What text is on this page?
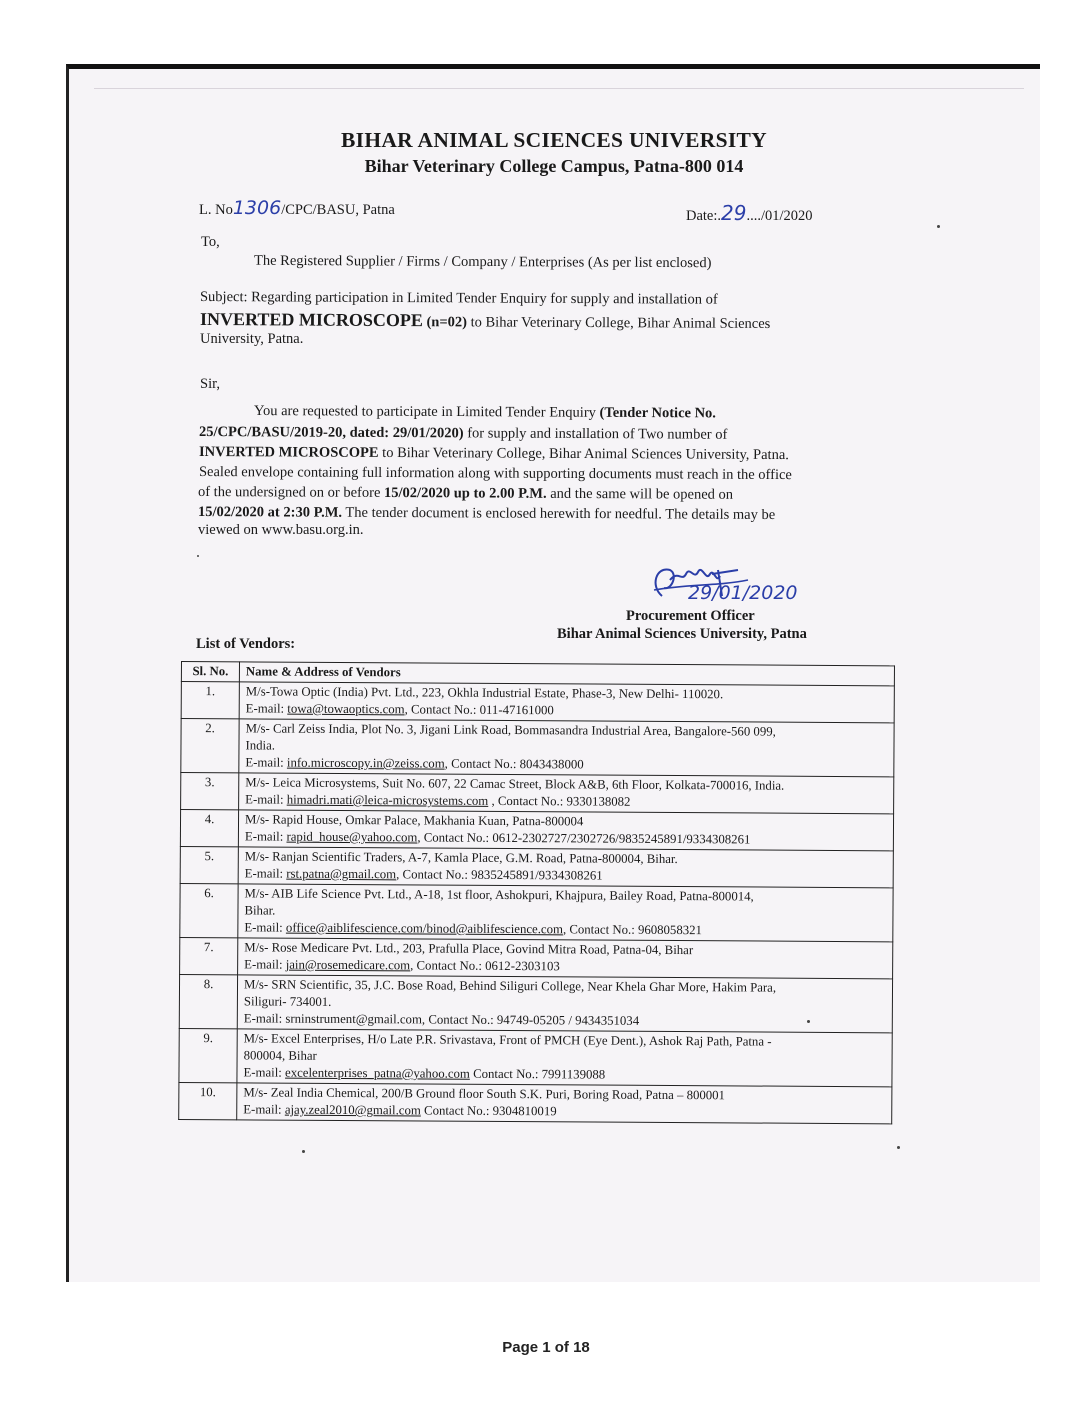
BIHAR ANIMAL SCIENCES UNIVERSITY
Bihar Veterinary College Campus, Patna-800 014
L. No1306/CPC/BASU, Patna	Date:.29..../01/2020
To,
The Registered Supplier / Firms / Company / Enterprises (As per list enclosed)
Subject: Regarding participation in Limited Tender Enquiry for supply and installation of
INVERTED MICROSCOPE (n=02) to Bihar Veterinary College, Bihar Animal Sciences
University, Patna.
Sir,
You are requested to participate in Limited Tender Enquiry (Tender Notice No.
25/CPC/BASU/2019-20, dated: 29/01/2020) for supply and installation of Two number of
INVERTED MICROSCOPE to Bihar Veterinary College, Bihar Animal Sciences University, Patna.
Sealed envelope containing full information along with supporting documents must reach in the office
of the undersigned on or before 15/02/2020 up to 2.00 P.M. and the same will be opened on
15/02/2020 at 2:30 P.M. The tender document is enclosed herewith for needful. The details may be
viewed on www.basu.org.in.
29/01/2020
Procurement Officer
Bihar Animal Sciences University, Patna
List of Vendors:
Sl. No.	Name & Address of Vendors
1.	M/s-Towa Optic (India) Pvt. Ltd., 223, Okhla Industrial Estate, Phase-3, New Delhi- 110020.
E-mail: towa@towaoptics.com, Contact No.: 011-47161000

2.	M/s- Carl Zeiss India, Plot No. 3, Jigani Link Road, Bommasandra Industrial Area, Bangalore-560 099,
India.
E-mail: info.microscopy.in@zeiss.com, Contact No.: 8043438000

3.	M/s- Leica Microsystems, Suit No. 607, 22 Camac Street, Block A&B, 6th Floor, Kolkata-700016, India.
E-mail: himadri.mati@leica-microsystems.com , Contact No.: 9330138082

4.	M/s- Rapid House, Omkar Palace, Makhania Kuan, Patna-800004
E-mail: rapid_house@yahoo.com, Contact No.: 0612-2302727/2302726/9835245891/9334308261

5.	M/s- Ranjan Scientific Traders, A-7, Kamla Place, G.M. Road, Patna-800004, Bihar.
E-mail: rst.patna@gmail.com, Contact No.: 9835245891/9334308261

6.	M/s- AIB Life Science Pvt. Ltd., A-18, 1st floor, Ashokpuri, Khajpura, Bailey Road, Patna-800014,
Bihar.
E-mail: office@aiblifescience.com/binod@aiblifescience.com, Contact No.: 9608058321

7.	M/s- Rose Medicare Pvt. Ltd., 203, Prafulla Place, Govind Mitra Road, Patna-04, Bihar
E-mail: jain@rosemedicare.com, Contact No.: 0612-2303103

8.	M/s- SRN Scientific, 35, J.C. Bose Road, Behind Siliguri College, Near Khela Ghar More, Hakim Para,
Siliguri- 734001.
E-mail: srninstrument@gmail.com, Contact No.: 94749-05205 / 9434351034

9.	M/s- Excel Enterprises, H/o Late P.R. Srivastava, Front of PMCH (Eye Dent.), Ashok Raj Path, Patna -
800004, Bihar
E-mail: excelenterprises_patna@yahoo.com Contact No.: 7991139088

10.	M/s- Zeal India Chemical, 200/B Ground floor South S.K. Puri, Boring Road, Patna – 800001
E-mail: ajay.zeal2010@gmail.com Contact No.: 9304810019
Page 1 of 18
